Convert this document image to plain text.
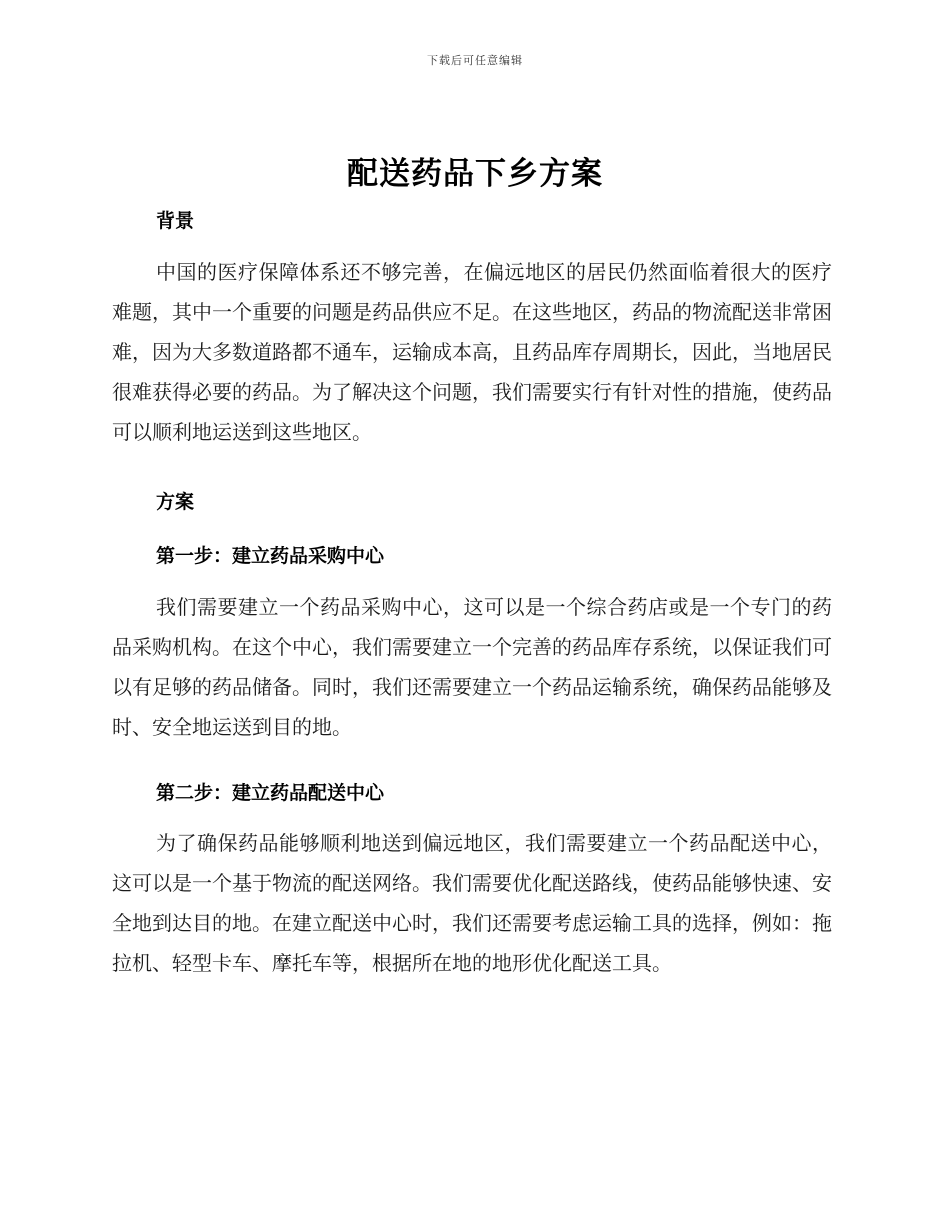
下载后可任意编辑
配送药品下乡方案
背景

中国的医疗保障体系还不够完善，在偏远地区的居民仍然面临着很大的医疗难题，其中一个重要的问题是药品供应不足。在这些地区，药品的物流配送非常困难，因为大多数道路都不通车，运输成本高，且药品库存周期长，因此，当地居民很难获得必要的药品。为了解决这个问题，我们需要实行有针对性的措施，使药品可以顺利地运送到这些地区。

方案
第一步：建立药品采购中心

我们需要建立一个药品采购中心，这可以是一个综合药店或是一个专门的药品采购机构。在这个中心，我们需要建立一个完善的药品库存系统，以保证我们可以有足够的药品储备。同时，我们还需要建立一个药品运输系统，确保药品能够及时、安全地运送到目的地。

第二步：建立药品配送中心

为了确保药品能够顺利地送到偏远地区，我们需要建立一个药品配送中心，这可以是一个基于物流的配送网络。我们需要优化配送路线，使药品能够快速、安全地到达目的地。在建立配送中心时，我们还需要考虑运输工具的选择，例如：拖拉机、轻型卡车、摩托车等，根据所在地的地形优化配送工具。
